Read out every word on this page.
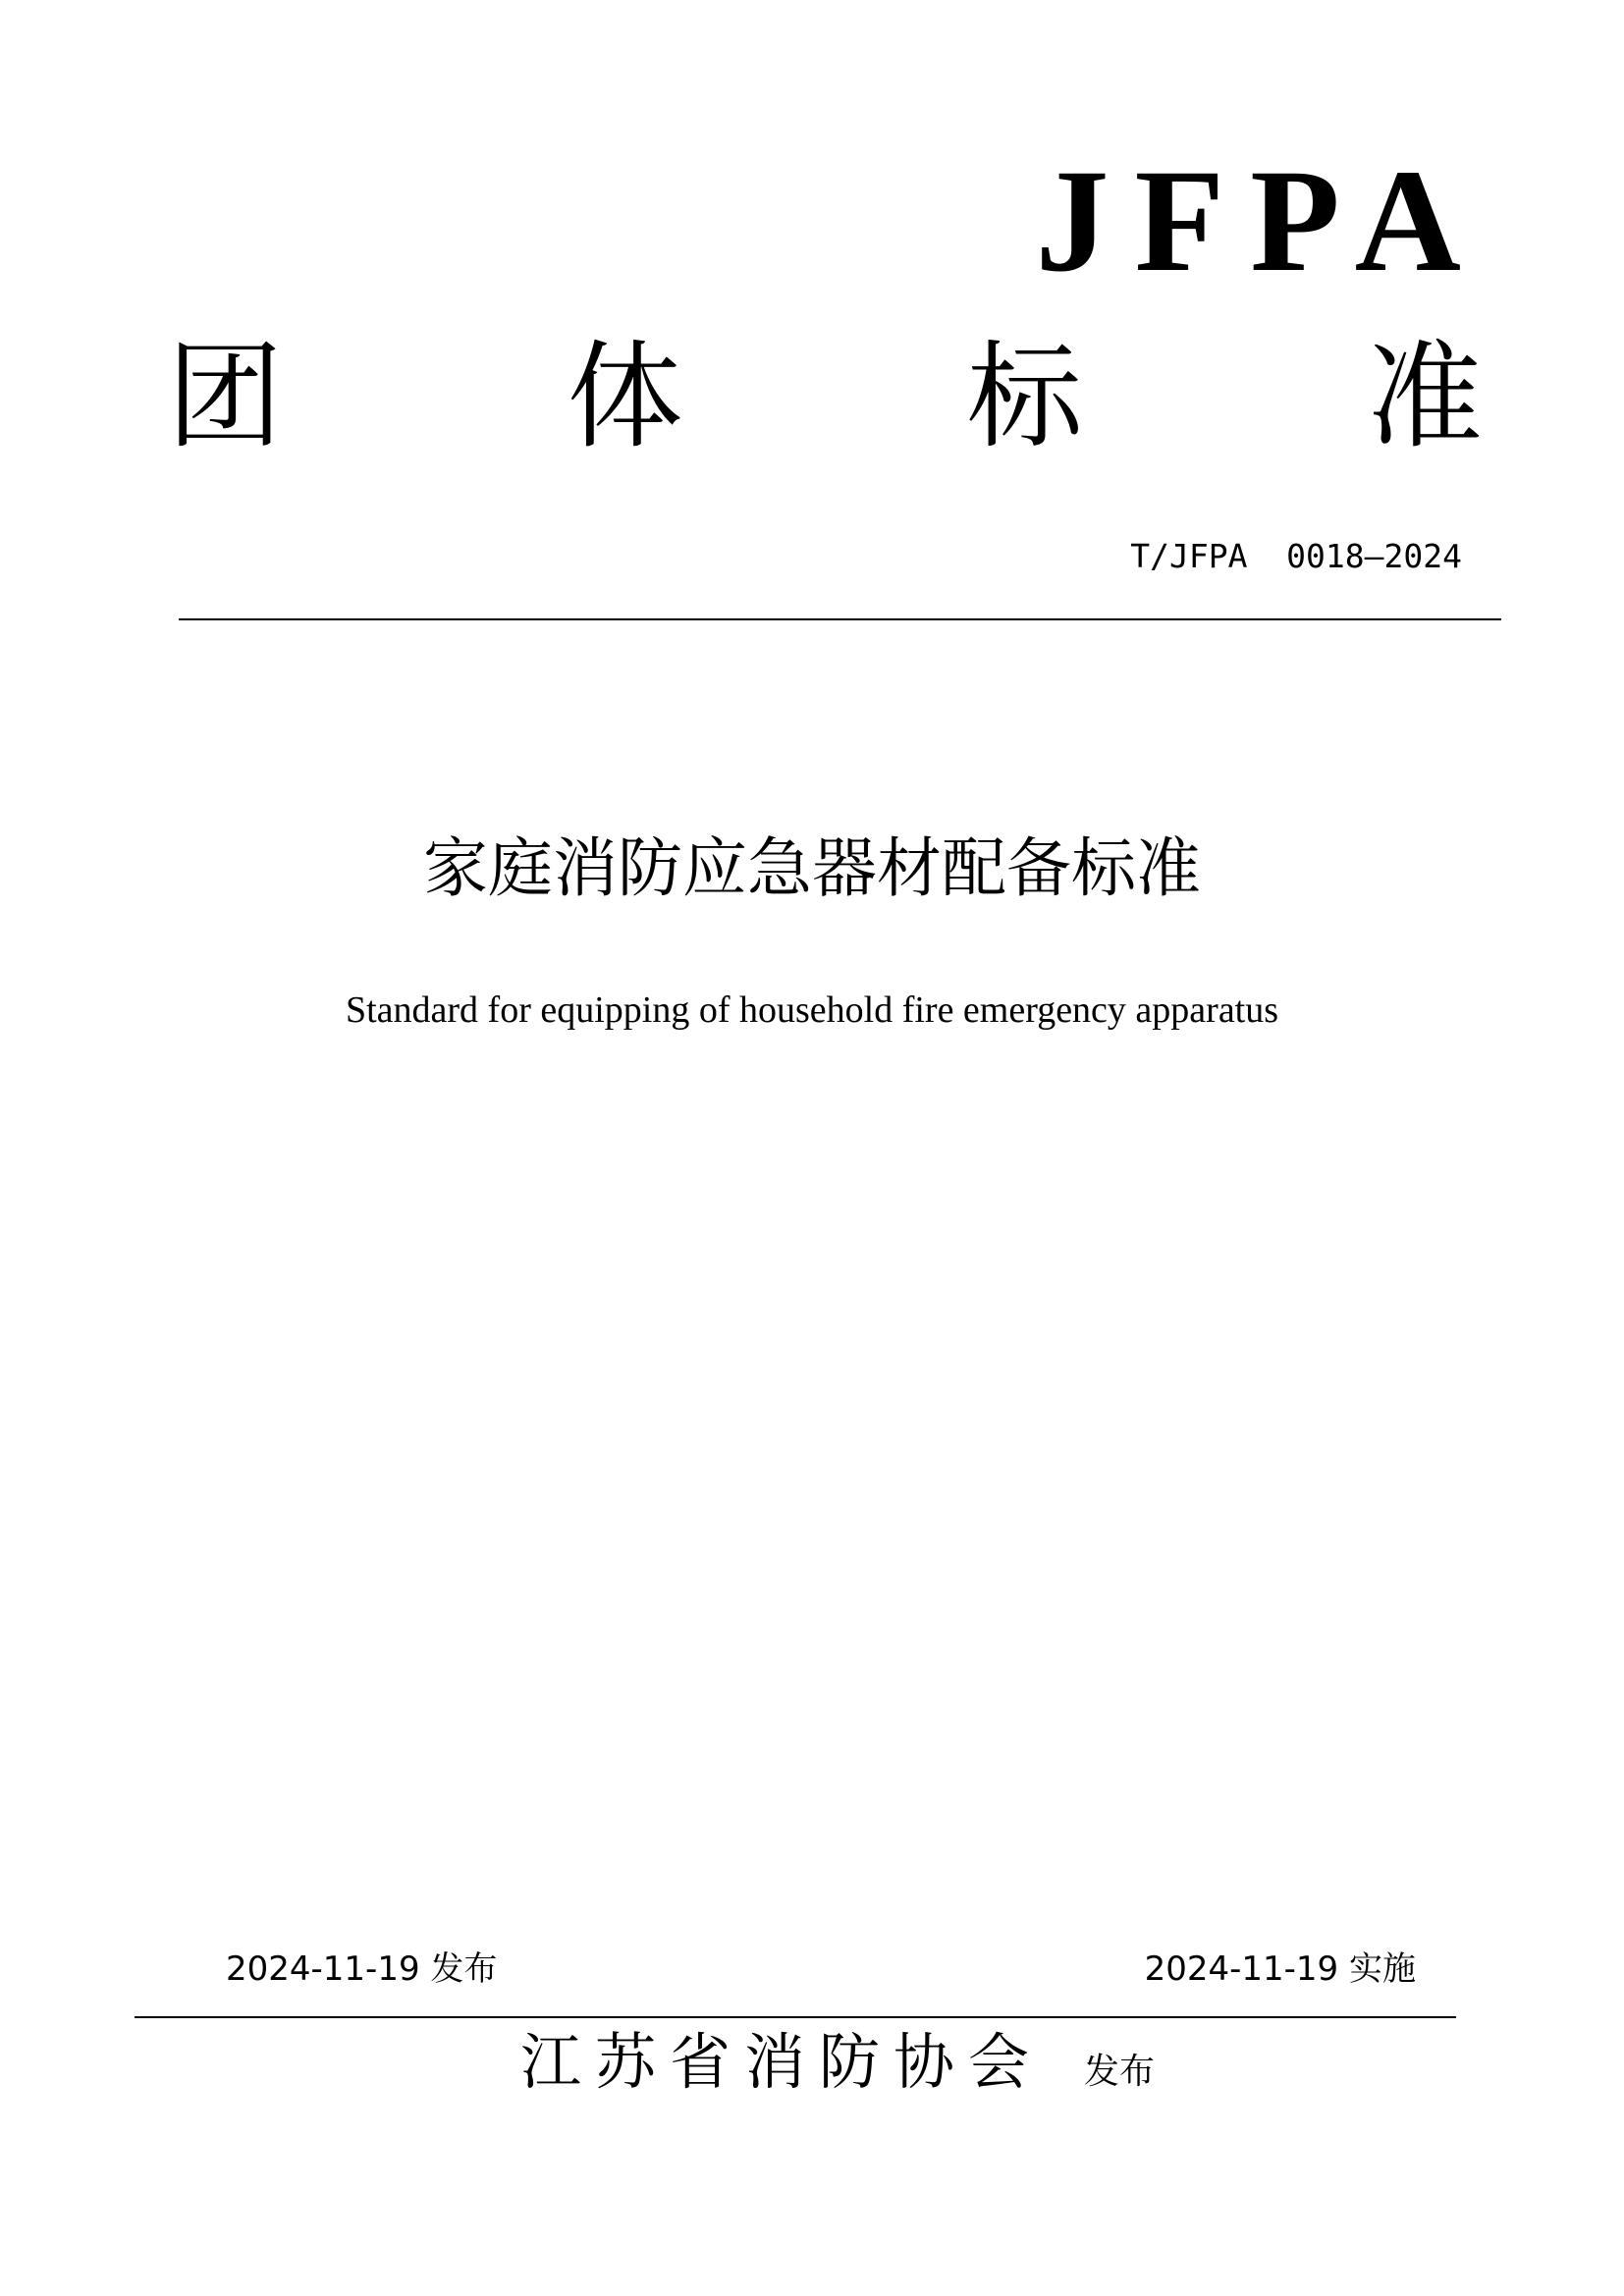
JFPA
团 体 标 准
T/JFPA  0018—2024
家庭消防应急器材配备标准
Standard for equipping of household fire emergency apparatus
2024-11-19 发布	2024-11-19 实施
江苏省消防协会 发布
